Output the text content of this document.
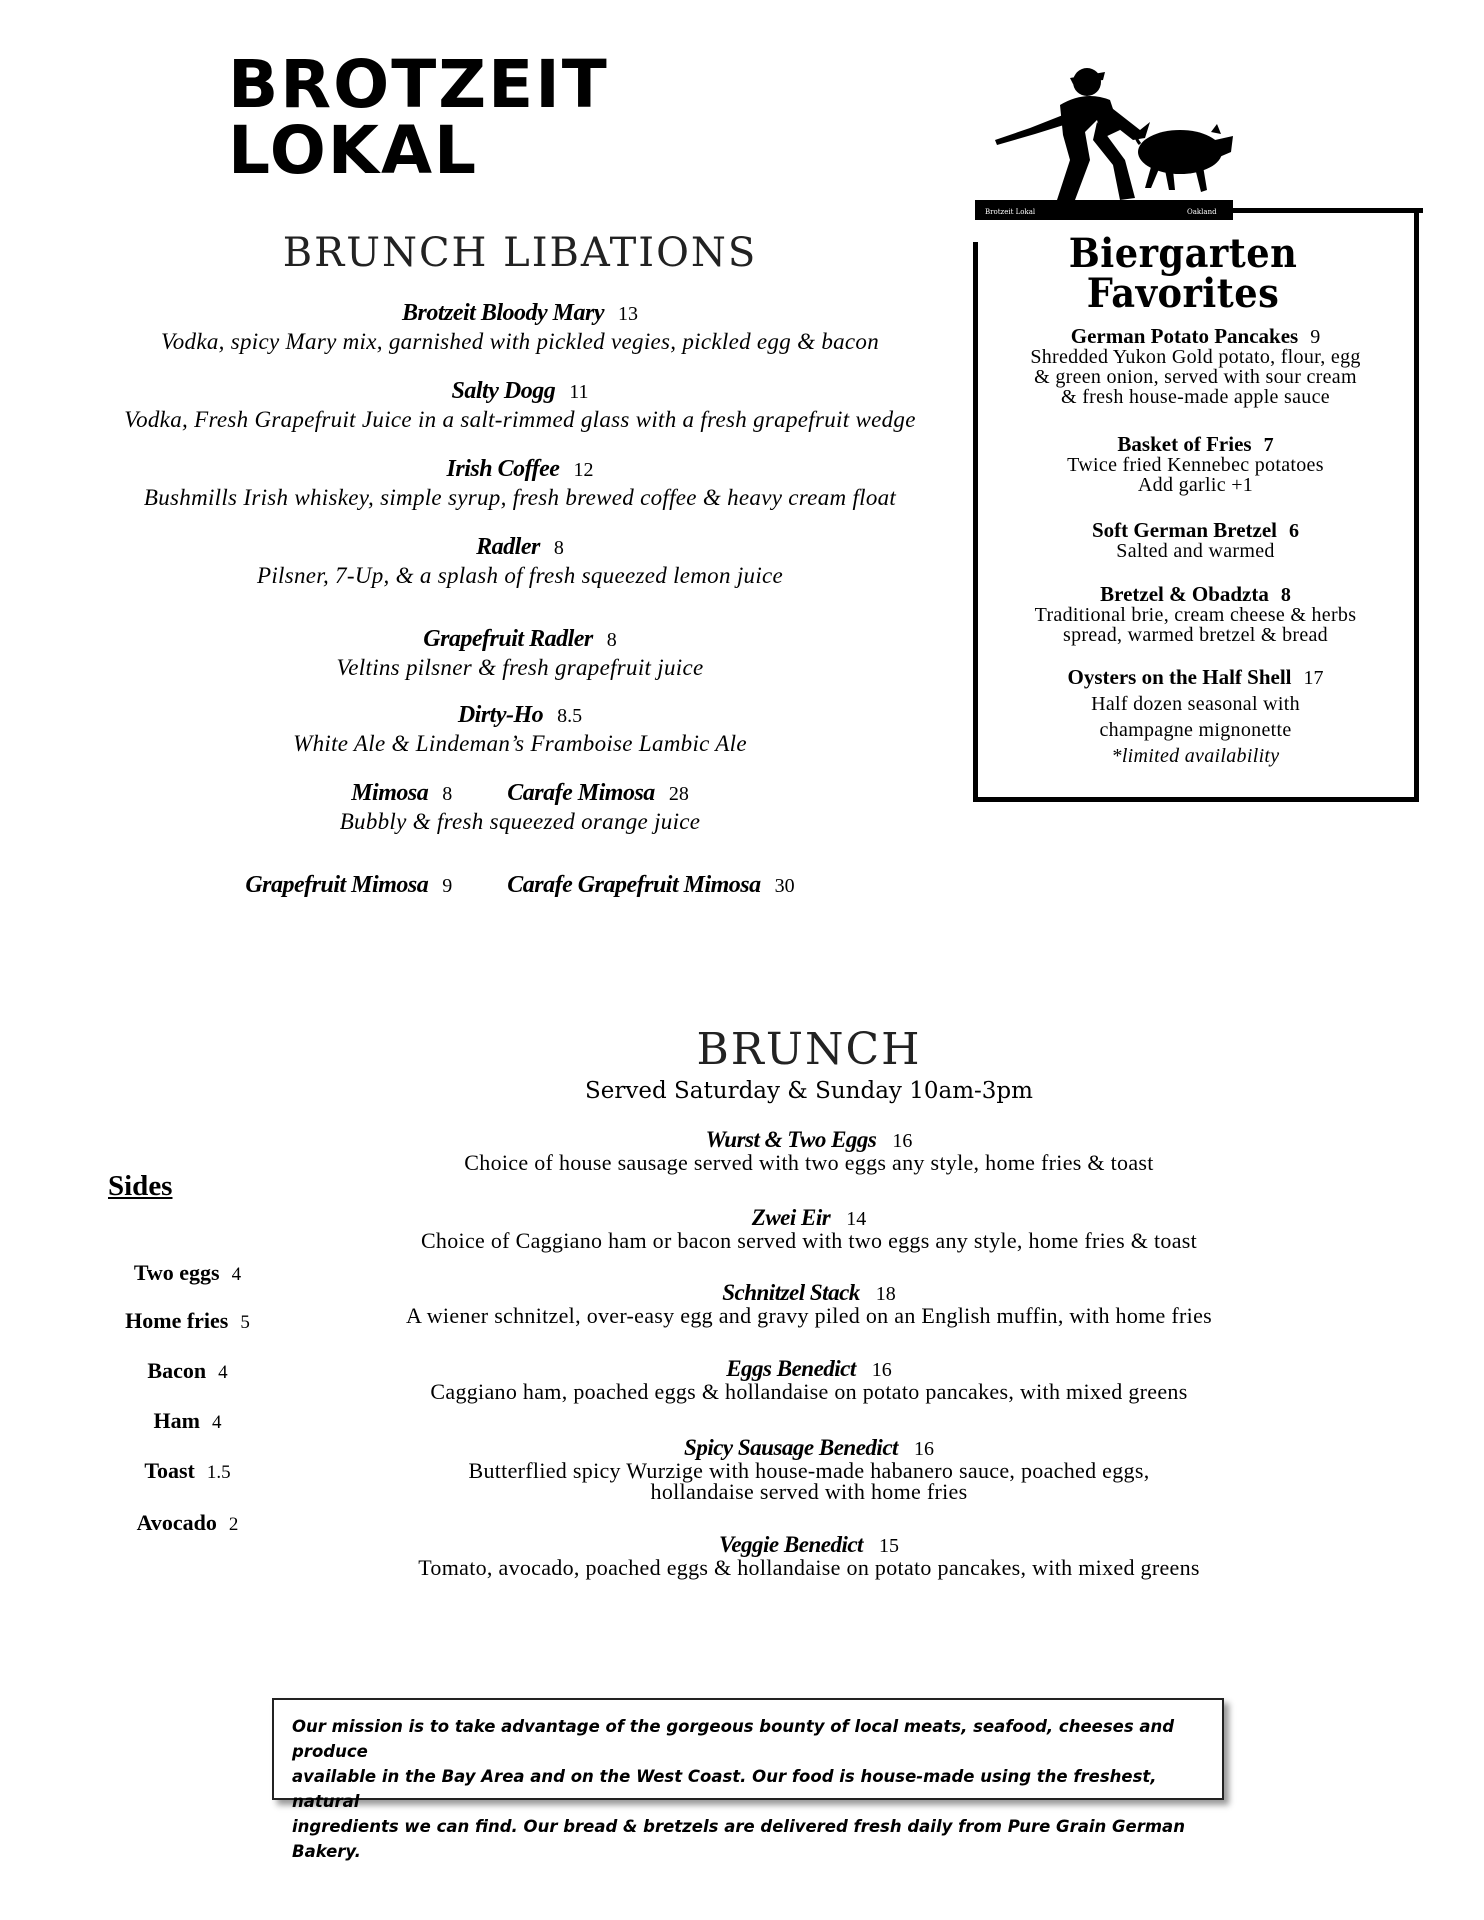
BROTZEIT LOKAL
Brotzeit Lokal	Oakland
BRUNCH LIBATIONS
Brotzeit Bloody Mary 13
Vodka, spicy Mary mix, garnished with pickled vegies, pickled egg & bacon
Salty Dogg 11
Vodka, Fresh Grapefruit Juice in a salt-rimmed glass with a fresh grapefruit wedge
Irish Coffee 12
Bushmills Irish whiskey, simple syrup, fresh brewed coffee & heavy cream float
Radler 8
Pilsner, 7-Up, & a splash of fresh squeezed lemon juice
Grapefruit Radler 8
Veltins pilsner & fresh grapefruit juice
Dirty-Ho 8.5
White Ale & Lindeman’s Framboise Lambic Ale
Mimosa 8 Carafe Mimosa 28
Bubbly & fresh squeezed orange juice
Grapefruit Mimosa 9 Carafe Grapefruit Mimosa 30
Biergarten Favorites
German Potato Pancakes 9
Shredded Yukon Gold potato, flour, egg
& green onion, served with sour cream
& fresh house-made apple sauce
Basket of Fries 7
Twice fried Kennebec potatoes
Add garlic +1
Soft German Bretzel 6
Salted and warmed
Bretzel & Obadzta 8
Traditional brie, cream cheese & herbs
spread, warmed bretzel & bread
Oysters on the Half Shell 17
Half dozen seasonal with
champagne mignonette
*limited availability
BRUNCH
Served Saturday & Sunday 10am-3pm
Wurst & Two Eggs 16
Choice of house sausage served with two eggs any style, home fries & toast
Zwei Eir 14
Choice of Caggiano ham or bacon served with two eggs any style, home fries & toast
Schnitzel Stack 18
A wiener schnitzel, over-easy egg and gravy piled on an English muffin, with home fries
Eggs Benedict 16
Caggiano ham, poached eggs & hollandaise on potato pancakes, with mixed greens
Spicy Sausage Benedict 16
Butterflied spicy Wurzige with house-made habanero sauce, poached eggs,
hollandaise served with home fries
Veggie Benedict 15
Tomato, avocado, poached eggs & hollandaise on potato pancakes, with mixed greens
Sides
Two eggs 4
Home fries 5
Bacon 4
Ham 4
Toast 1.5
Avocado 2
Our mission is to take advantage of the gorgeous bounty of local meats, seafood, cheeses and produce
available in the Bay Area and on the West Coast. Our food is house-made using the freshest, natural
ingredients we can find. Our bread & bretzels are delivered fresh daily from Pure Grain German Bakery.
